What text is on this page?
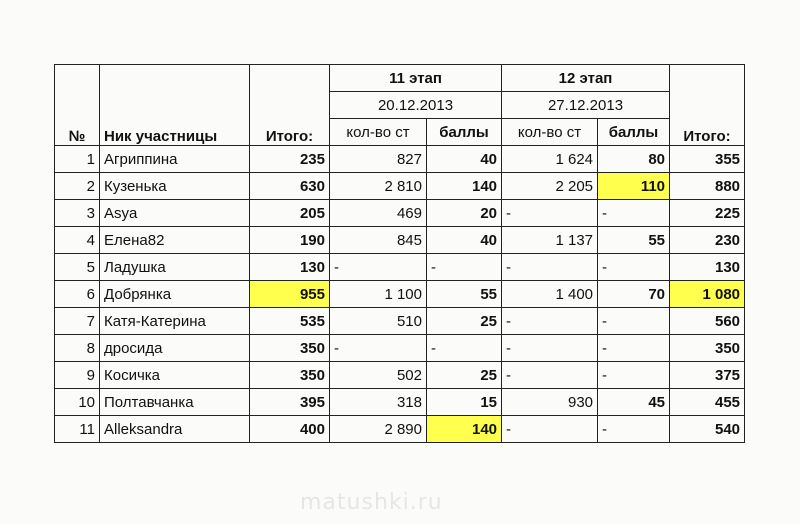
№	Ник участницы	Итого:	11 этап		12 этап		Итого:
			20.12.2013		27.12.2013		
			кол-во ст	баллы	кол-во ст	баллы	
1	Агриппина	235	827	40	1 624	80	355
2	Кузенька	630	2 810	140	2 205	110	880
3	Asya	205	469	20	-	-	225
4	Елена82	190	845	40	1 137	55	230
5	Ладушка	130	-	-	-	-	130
6	Добрянка	955	1 100	55	1 400	70	1 080
7	Катя-Катерина	535	510	25	-	-	560
8	дросида	350	-	-	-	-	350
9	Косичка	350	502	25	-	-	375
10	Полтавчанка	395	318	15	930	45	455
11	Alleksandra	400	2 890	140	-	-	540
matushki.ru
